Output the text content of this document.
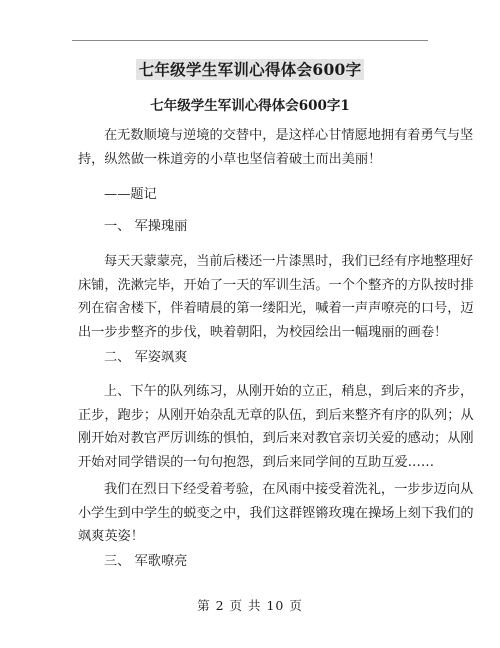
七年级学生军训心得体会600字
七年级学生军训心得体会600字1

在无数顺境与逆境的交替中，是这样心甘情愿地拥有着勇气与坚
持，纵然做一株道旁的小草也坚信着破土而出美丽！

——题记

一、 军操瑰丽

每天天蒙蒙亮，当前后楼还一片漆黑时，我们已经有序地整理好
床铺，洗漱完毕，开始了一天的军训生活。一个个整齐的方队按时排
列在宿舍楼下，伴着晴晨的第一缕阳光，喊着一声声嘹亮的口号，迈
出一步步整齐的步伐，映着朝阳，为校园绘出一幅瑰丽的画卷！

二、 军姿飒爽

上、下午的队列练习，从刚开始的立正，稍息，到后来的齐步，
正步，跑步；从刚开始杂乱无章的队伍，到后来整齐有序的队列；从
刚开始对教官严厉训练的惧怕，到后来对教官亲切关爱的感动；从刚
开始对同学错误的一句句抱怨，到后来同学间的互助互爱……

我们在烈日下经受着考验，在风雨中接受着洗礼，一步步迈向从
小学生到中学生的蜕变之中，我们这群铿锵玫瑰在操场上刻下我们的
飒爽英姿！

三、 军歌嘹亮

第 2 页 共 10 页
